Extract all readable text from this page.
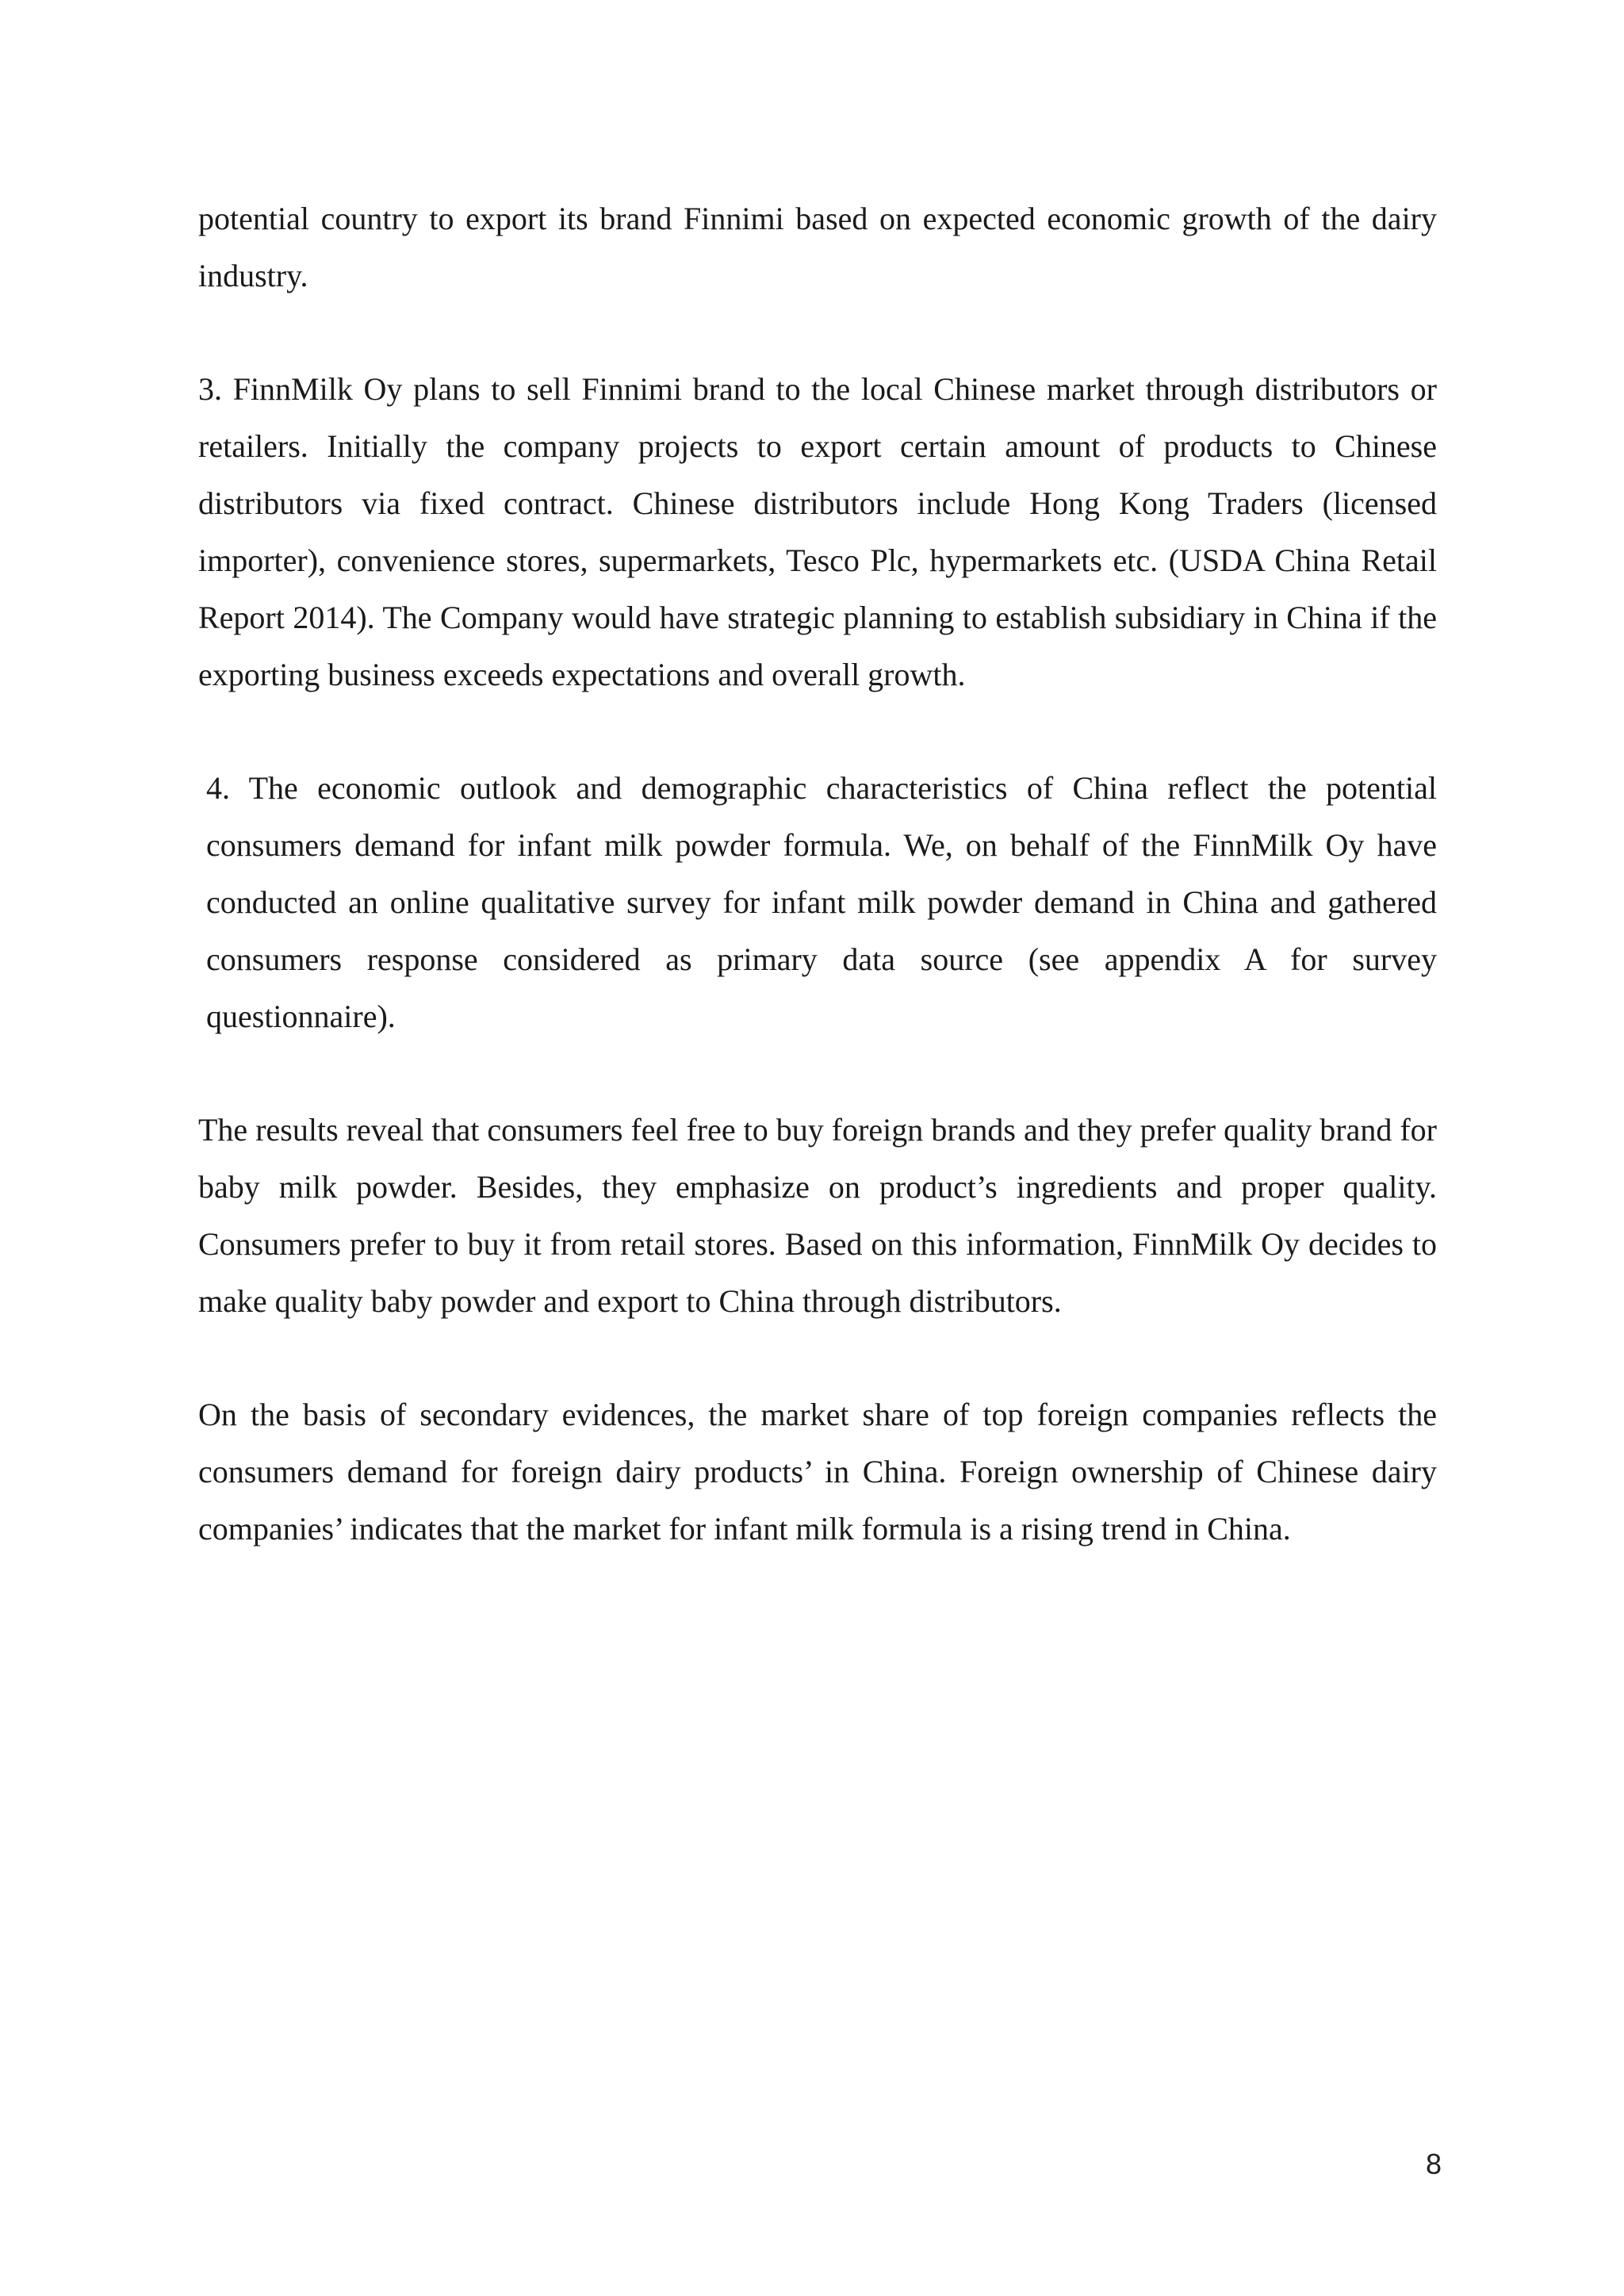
potential country to export its brand Finnimi based on expected economic growth of the dairy industry.

3. FinnMilk Oy plans to sell Finnimi brand to the local Chinese market through distributors or retailers. Initially the company projects to export certain amount of products to Chinese distributors via fixed contract. Chinese distributors include Hong Kong Traders (licensed importer), convenience stores, supermarkets, Tesco Plc, hypermarkets etc. (USDA China Retail Report 2014). The Company would have strategic planning to establish subsidiary in China if the exporting business exceeds expectations and overall growth.

4. The economic outlook and demographic characteristics of China reflect the potential consumers demand for infant milk powder formula. We, on behalf of the FinnMilk Oy have conducted an online qualitative survey for infant milk powder demand in China and gathered consumers response considered as primary data source (see appendix A for survey questionnaire).

The results reveal that consumers feel free to buy foreign brands and they prefer quality brand for baby milk powder. Besides, they emphasize on product’s ingredients and proper quality. Consumers prefer to buy it from retail stores. Based on this information, FinnMilk Oy decides to make quality baby powder and export to China through distributors.

On the basis of secondary evidences, the market share of top foreign companies reflects the consumers demand for foreign dairy products’ in China. Foreign ownership of Chinese dairy companies’ indicates that the market for infant milk formula is a rising trend in China.

8
